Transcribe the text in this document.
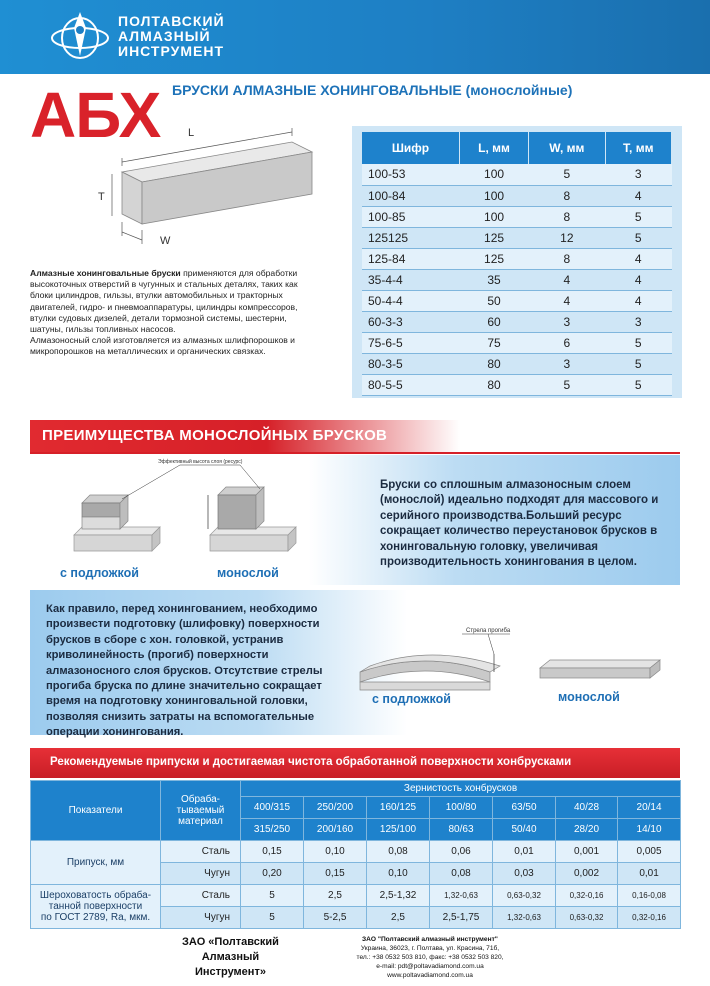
ПОЛТАВСКИЙ
АЛМАЗНЫЙ
ИНСТРУМЕНТ
АБХ БРУСКИ АЛМАЗНЫЕ ХОНИНГОВАЛЬНЫЕ (монослойные)
L
T
W
Шифр	L, мм	W, мм	T, мм
100-53	100	5	3
100-84	100	8	4
100-85	100	8	5
125125	125	12	5
125-84	125	8	4
35-4-4	35	4	4
50-4-4	50	4	4
60-3-3	60	3	3
75-6-5	75	6	5
80-3-5	80	3	5
80-5-5	80	5	5

Алмазные хонинговальные бруски применяются для обработки высокоточных отверстий в чугунных и стальных деталях, таких как блоки цилиндров, гильзы, втулки автомобильных и тракторных двигателей, гидро- и пневмоаппаратуры, цилиндры компрессоров, втулки судовых дизелей, детали тормозной системы, шестерни, шатуны, гильзы топливных насосов.

Алмазоносный слой изготовляется из алмазных шлифпорошков и микропорошков на металлических и органических связках.

ПРЕИМУЩЕСТВА МОНОСЛОЙНЫХ БРУСКОВ
Эффективный высота слоя (ресурс)
с подложкой	монослой
Бруски со сплошным алмазоносным слоем (монослой) идеально подходят для массового и серийного производства.Больший ресурс сокращает количество переустановок брусков в хонинговальную головку, увеличивая производительность хонингования в целом.
Как правило, перед хонингованием, необходимо произвести подготовку (шлифовку) поверхности брусков в сборе с хон. головкой, устранив криволинейность (прогиб) поверхности алмазоносного слоя брусков. Отсутствие стрелы прогиба бруска по длине значительно сокращает время на подготовку хонинговальной головки, позволяя снизить затраты на вспомогательные операции хонингования.
Стрела прогиба
с подложкой	монослой
Рекомендуемые припуски и достигаемая чистота обработанной поверхности хонбрусками
Показатели	Обраба-
тываемый
материал	Зернистость хонбрусков						
		400/315	250/200	160/125	100/80	63/50	40/28	20/14
		315/250	200/160	125/100	80/63	50/40	28/20	14/10
Припуск, мм	Сталь	0,15	0,10	0,08	0,06	0,01	0,001	0,005
	Чугун	0,20	0,15	0,10	0,08	0,03	0,002	0,01
Шероховатость обраба-
танной поверхности
по ГОСТ 2789, Ra, мкм.	Сталь	5	2,5	2,5-1,32	1,32-0,63	0,63-0,32	0,32-0,16	0,16-0,08
	Чугун	5	5-2,5	2,5	2,5-1,75	1,32-0,63	0,63-0,32	0,32-0,16
ЗАО «Полтавский
Алмазный
Инструмент»
ЗАО "Полтавский алмазный инструмент"
Украина, 36023, г. Полтава, ул. Красина, 71б,
тел.: +38 0532 503 810, факс: +38 0532 503 820,
e-mail: pdt@poltavadiamond.com.ua
www.poltavadiamond.com.ua
